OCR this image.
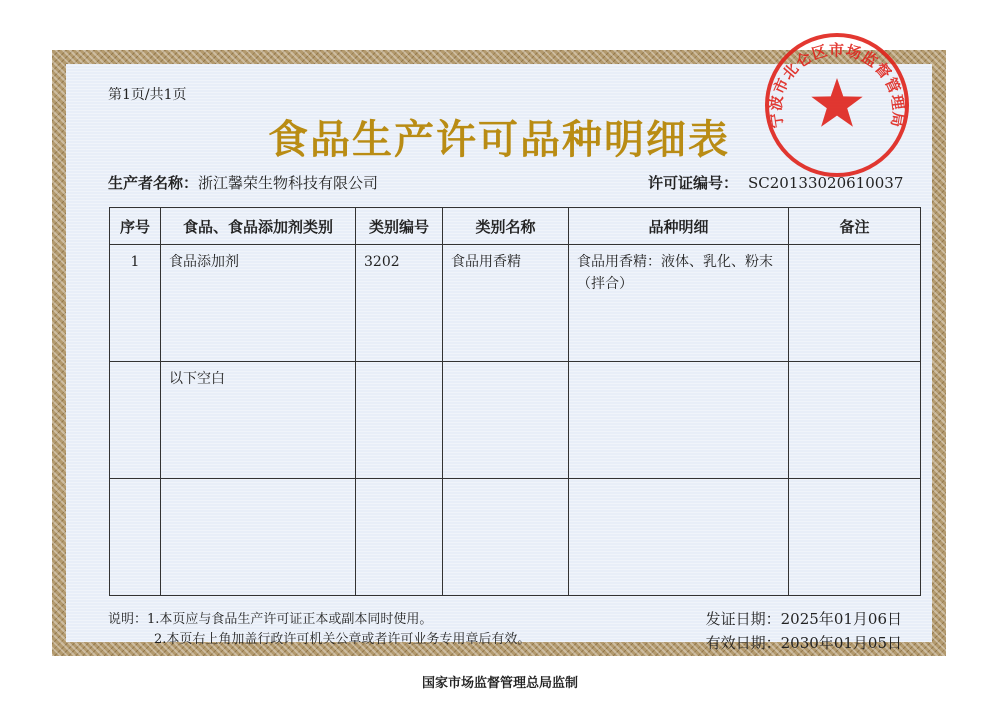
第1页/共1页
食品生产许可品种明细表
生产者名称：浙江馨荣生物科技有限公司	许可证编号： SC20133020610037
序号	食品、食品添加剂类别	类别编号	类别名称	品种明细	备注
1	食品添加剂	3202	食品用香精	食品用香精：液体、乳化、粉末（拌合）	
	以下空白				

说明：1.本页应与食品生产许可证正本或副本同时使用。
2.本页右上角加盖行政许可机关公章或者许可业务专用章后有效。
发证日期：2025年01月06日
有效日期：2030年01月05日
宁波市北仑区市场监督管理局
国家市场监督管理总局监制
